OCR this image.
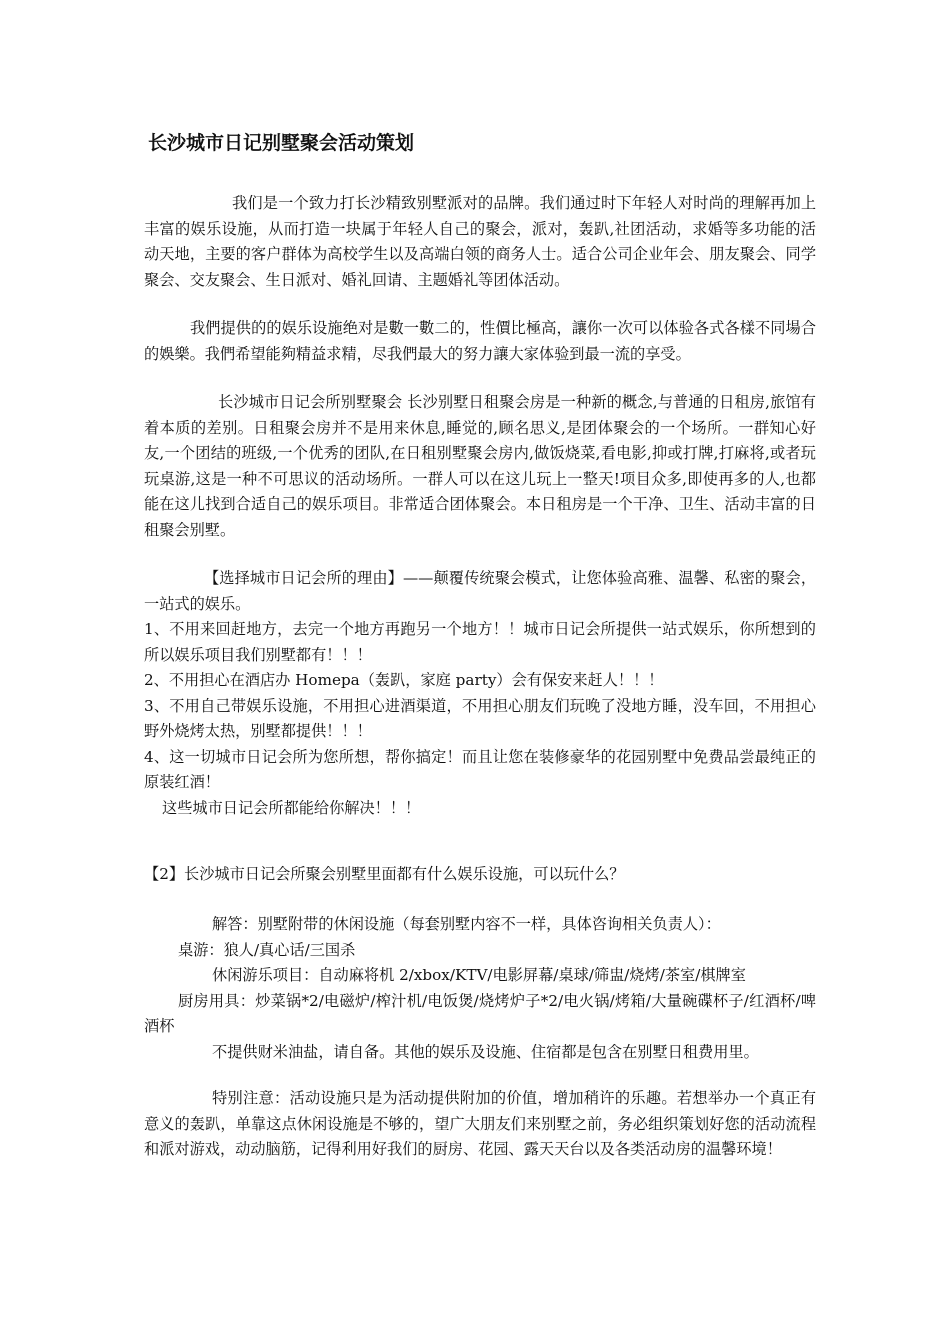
长沙城市日记别墅聚会活动策划

我们是一个致力打长沙精致别墅派对的品牌。我们通过时下年轻人对时尚的理解再加上丰富的娱乐设施，从而打造一块属于年轻人自己的聚会，派对，轰趴,社团活动，求婚等多功能的活动天地，主要的客户群体为高校学生以及高端白领的商务人士。适合公司企业年会、朋友聚会、同学聚会、交友聚会、生日派对、婚礼回请、主题婚礼等团体活动。

我們提供的的娱乐设施绝对是數一數二的，性價比極高，讓你一次可以体验各式各樣不同場合的娛樂。我們希望能夠精益求精，尽我們最大的努力讓大家体验到最一流的享受。

长沙城市日记会所别墅聚会 长沙别墅日租聚会房是一种新的概念,与普通的日租房,旅馆有着本质的差别。日租聚会房并不是用来休息,睡觉的,顾名思义,是团体聚会的一个场所。一群知心好友,一个团结的班级,一个优秀的团队,在日租别墅聚会房内,做饭烧菜,看电影,抑或打牌,打麻将,或者玩玩桌游,这是一种不可思议的活动场所。一群人可以在这儿玩上一整天!项目众多,即使再多的人,也都能在这儿找到合适自己的娱乐项目。非常适合团体聚会。本日租房是一个干净、卫生、活动丰富的日租聚会别墅。

【选择城市日记会所的理由】——颠覆传统聚会模式，让您体验高雅、温馨、私密的聚会，一站式的娱乐。

1、不用来回赶地方，去完一个地方再跑另一个地方！！城市日记会所提供一站式娱乐，你所想到的所以娱乐项目我们别墅都有！！！

2、不用担心在酒店办 Homepa（轰趴，家庭 party）会有保安来赶人！！！

3、不用自己带娱乐设施，不用担心进酒渠道，不用担心朋友们玩晚了没地方睡，没车回，不用担心野外烧烤太热，别墅都提供！！！

4、这一切城市日记会所为您所想，帮你搞定！而且让您在装修豪华的花园别墅中免费品尝最纯正的原装红酒！

这些城市日记会所都能给你解决！！！

【2】长沙城市日记会所聚会别墅里面都有什么娱乐设施，可以玩什么？

解答：别墅附带的休闲设施（每套别墅内容不一样，具体咨询相关负责人）：

桌游：狼人/真心话/三国杀

休闲游乐项目：自动麻将机 2/xbox/KTV/电影屏幕/桌球/筛盅/烧烤/茶室/棋牌室

厨房用具：炒菜锅*2/电磁炉/榨汁机/电饭煲/烧烤炉子*2/电火锅/烤箱/大量碗碟杯子/红酒杯/啤酒杯

不提供财米油盐，请自备。其他的娱乐及设施、住宿都是包含在别墅日租费用里。

特别注意：活动设施只是为活动提供附加的价值，增加稍许的乐趣。若想举办一个真正有意义的轰趴，单靠这点休闲设施是不够的，望广大朋友们来别墅之前，务必组织策划好您的活动流程和派对游戏，动动脑筋，记得利用好我们的厨房、花园、露天天台以及各类活动房的温馨环境！
